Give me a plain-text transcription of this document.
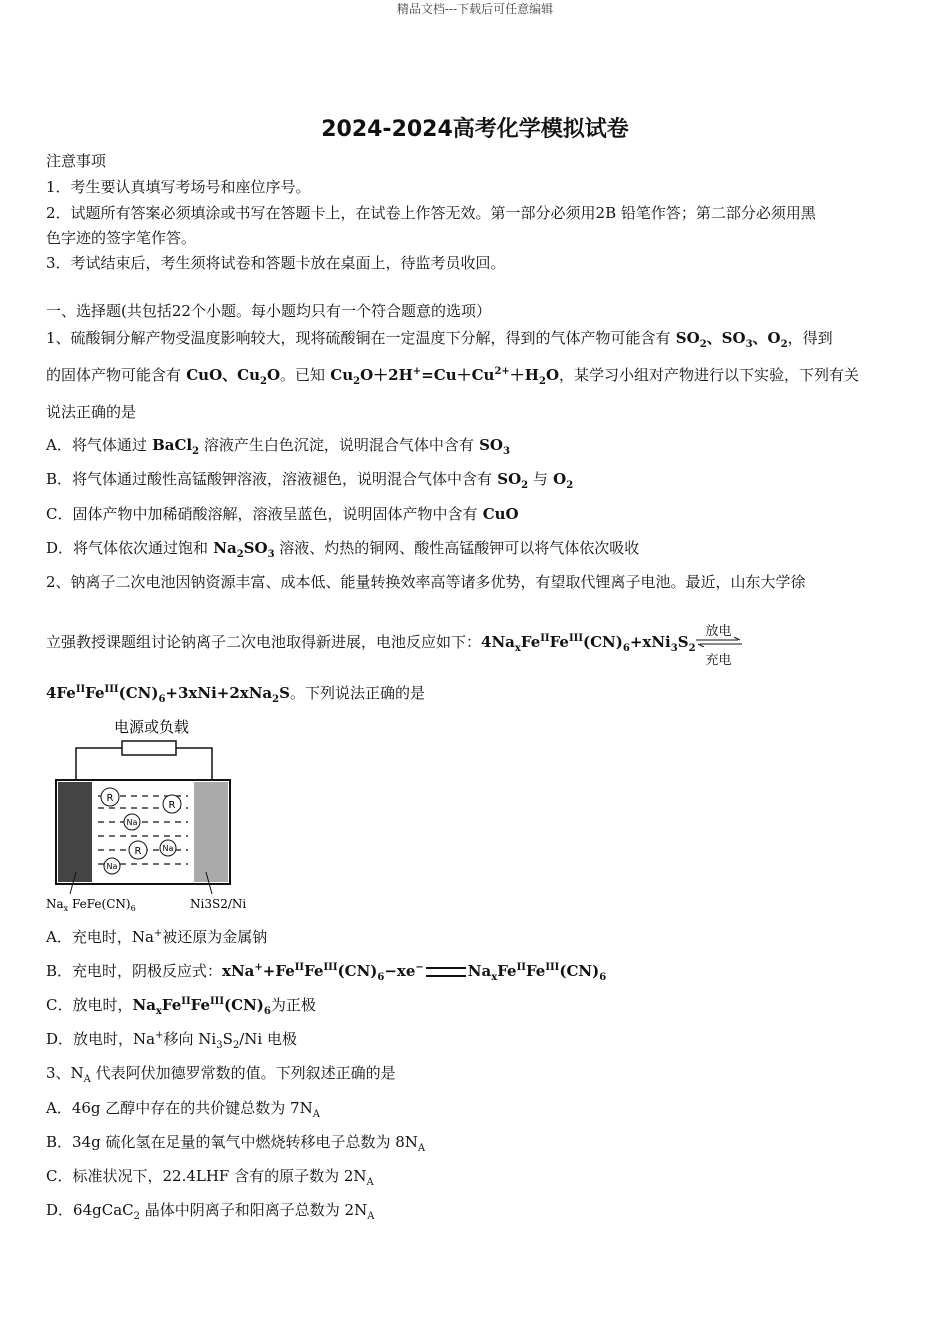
精品文档---下载后可任意编辑
2024-2024高考化学模拟试卷
注意事项
1．考生要认真填写考场号和座位序号。
2．试题所有答案必须填涂或书写在答题卡上，在试卷上作答无效。第一部分必须用2B 铅笔作答；第二部分必须用黑
色字迹的签字笔作答。
3．考试结束后，考生须将试卷和答题卡放在桌面上，待监考员收回。
一、选择题(共包括22个小题。每小题均只有一个符合题意的选项）
1、硫酸铜分解产物受温度影响较大，现将硫酸铜在一定温度下分解，得到的气体产物可能含有 $SO_2$、$SO_3$、$O_2$，得到
的固体产物可能含有 CuO、$Cu_2O$。已知 $Cu_2O+2H^+=Cu+Cu^{2+}+H_2O$，某学习小组对产物进行以下实验，下列有关
说法正确的是
A．将气体通过 BaCl$_2$ 溶液产生白色沉淀，说明混合气体中含有 $SO_3$
B．将气体通过酸性高锰酸钾溶液，溶液褪色，说明混合气体中含有 $SO_2$ 与 $O_2$
C．固体产物中加稀硝酸溶解，溶液呈蓝色，说明固体产物中含有 CuO
D．将气体依次通过饱和 $Na_2SO_3$ 溶液、灼热的铜网、酸性高锰酸钾可以将气体依次吸收
2、钠离子二次电池因钠资源丰富、成本低、能量转换效率高等诸多优势，有望取代锂离子电池。最近，山东大学徐
立强教授课题组讨论钠离子二次电池取得新进展，电池反应如下：$4Na_xFe^{II}Fe^{III}(CN)_6+xNi_3S_2$
放电
充电
$4Fe^{II}Fe^{III}(CN)_6+3xNi+2xNa_2S$。下列说法正确的是
电源或负载
R
R
Na
R	Na
Na
$Na_x$ $FeFe(CN)_6$	Ni3S2/Ni
A．充电时，Na+被还原为金属钠
B．充电时，阴极反应式：$xNa^++Fe^{II}Fe^{III}(CN)_6-xe^-$	$Na_xFe^{II}Fe^{III}(CN)_6$
C．放电时，$Na_xFe^{II}Fe^{III}(CN)_6$为正极
D．放电时，Na+移向 $Ni_3S_2/Ni$ 电极
3、$N_A$ 代表阿伏加德罗常数的值。下列叙述正确的是
A．46g 乙醇中存在的共价键总数为 $7N_A$
B．34g 硫化氢在足量的氧气中燃烧转移电子总数为 $8N_A$
C．标准状况下，22.4LHF 含有的原子数为 $2N_A$
D．64gCaC$_2$ 晶体中阴离子和阳离子总数为 $2N_A$
